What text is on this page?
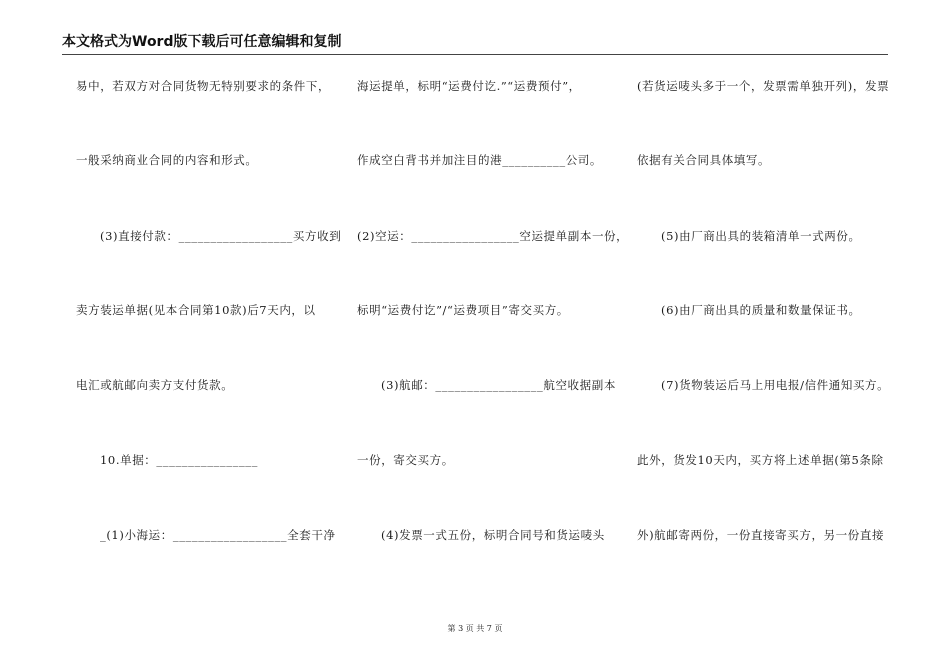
本文格式为Word版下载后可任意编辑和复制
易中，若双方对合同货物无特别要求的条件下，
一般采纳商业合同的内容和形式。
(3)直接付款：__________________买方收到
卖方装运单据(见本合同第10款)后7天内，以
电汇或航邮向卖方支付货款。
10.单据：________________
_(1)小海运：__________________全套干净
海运提单，标明“运费付讫.”“运费预付”，
作成空白背书并加注目的港__________公司。
(2)空运：_________________空运提单副本一份，
标明“运费付讫”/“运费项目”寄交买方。
(3)航邮：_________________航空收据副本
一份，寄交买方。
(4)发票一式五份，标明合同号和货运唛头
(若货运唛头多于一个，发票需单独开列)，发票
依据有关合同具体填写。
(5)由厂商出具的装箱清单一式两份。
(6)由厂商出具的质量和数量保证书。
(7)货物装运后马上用电报/信件通知买方。
此外，货发10天内，买方将上述单据(第5条除
外)航邮寄两份，一份直接寄买方，另一份直接
第 3 页 共 7 页
